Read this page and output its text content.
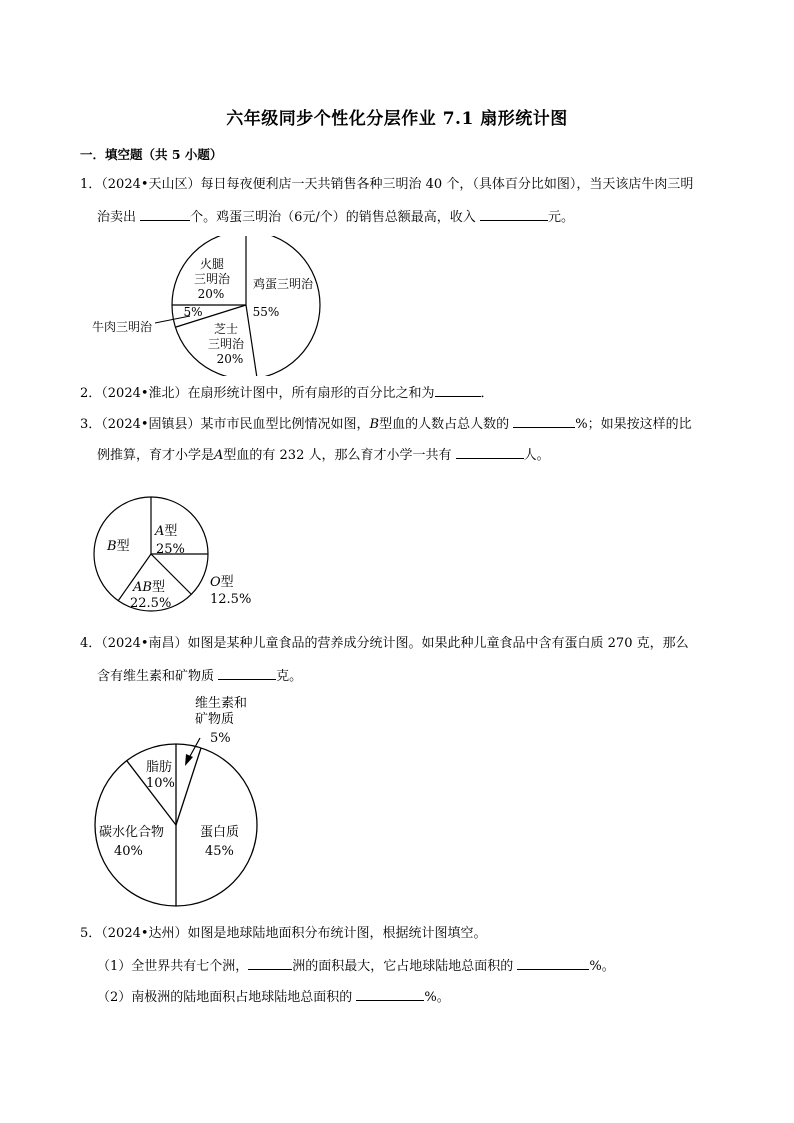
六年级同步个性化分层作业 7.1 扇形统计图
一．填空题（共 5 小题）
1．（2024•天山区）每日每夜便利店一天共销售各种三明治 40 个，（具体百分比如图），当天该店牛肉三明
治卖出	个。鸡蛋三明治（6元/个）的销售总额最高，收入	元。
火腿
三明治
20%
鸡蛋三明治
55%
5%
牛肉三明治	芝士
三明治
20%
2．（2024•淮北）在扇形统计图中，所有扇形的百分比之和为	．
3．（2024•固镇县）某市市民血型比例情况如图，B型血的人数占总人数的	%；如果按这样的比
例推算，育才小学是A型血的有 232 人，那么育才小学一共有	人。
B型
A型
25%
AB型
22.5%
O型
12.5%
4．（2024•南昌）如图是某种儿童食品的营养成分统计图。如果此种儿童食品中含有蛋白质 270 克，那么
含有维生素和矿物质	克。
维生素和
矿物质
5%
脂肪
10%
碳水化合物
40%
蛋白质
45%
5．（2024•达州）如图是地球陆地面积分布统计图，根据统计图填空。
（1）全世界共有七个洲，	洲的面积最大，它占地球陆地总面积的	%。
（2）南极洲的陆地面积占地球陆地总面积的	%。
